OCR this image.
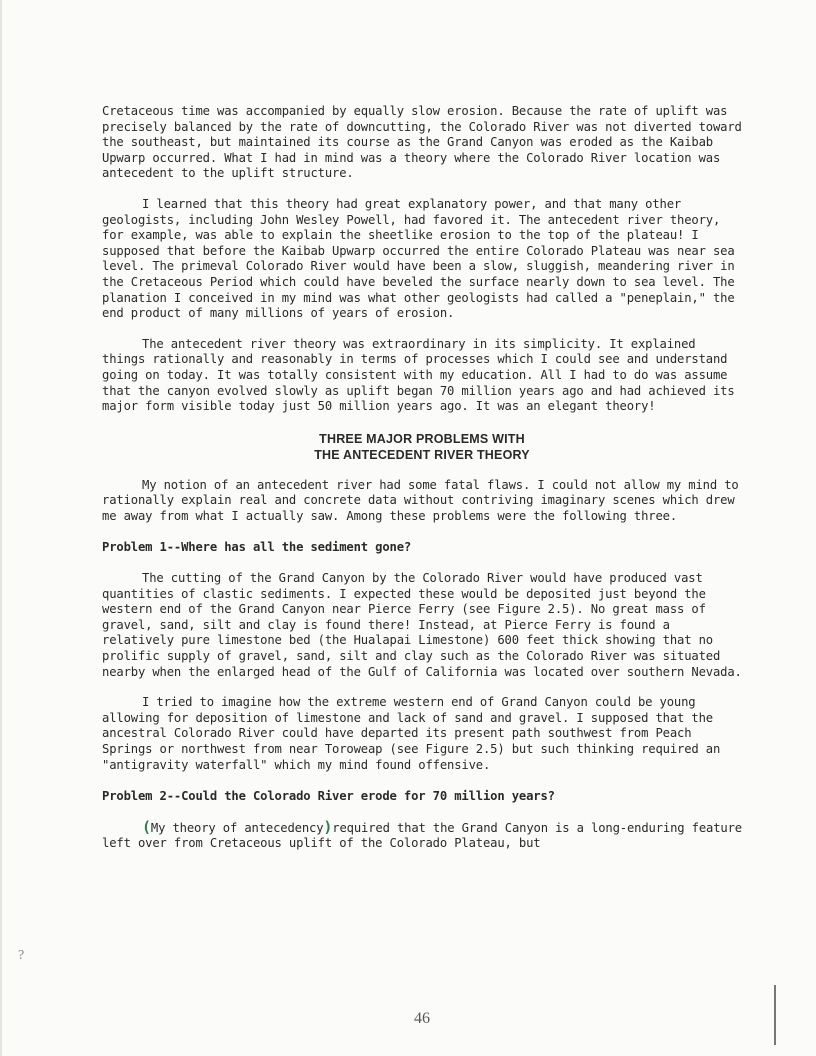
Cretaceous time was accompanied by equally slow erosion. Because the rate of uplift was precisely balanced by the rate of downcutting, the Colorado River was not diverted toward the southeast, but maintained its course as the Grand Canyon was eroded as the Kaibab Upwarp occurred. What I had in mind was a theory where the Colorado River location was antecedent to the uplift structure.

I learned that this theory had great explanatory power, and that many other geologists, including John Wesley Powell, had favored it. The antecedent river theory, for example, was able to explain the sheetlike erosion to the top of the plateau! I supposed that before the Kaibab Upwarp occurred the entire Colorado Plateau was near sea level. The primeval Colorado River would have been a slow, sluggish, meandering river in the Cretaceous Period which could have beveled the surface nearly down to sea level. The planation I conceived in my mind was what other geologists had called a "peneplain," the end product of many millions of years of erosion.

The antecedent river theory was extraordinary in its simplicity. It explained things rationally and reasonably in terms of processes which I could see and understand going on today. It was totally consistent with my education. All I had to do was assume that the canyon evolved slowly as uplift began 70 million years ago and had achieved its major form visible today just 50 million years ago. It was an elegant theory!

THREE MAJOR PROBLEMS WITH
THE ANTECEDENT RIVER THEORY

My notion of an antecedent river had some fatal flaws. I could not allow my mind to rationally explain real and concrete data without contriving imaginary scenes which drew me away from what I actually saw. Among these problems were the following three.

Problem 1--Where has all the sediment gone?

The cutting of the Grand Canyon by the Colorado River would have produced vast quantities of clastic sediments. I expected these would be deposited just beyond the western end of the Grand Canyon near Pierce Ferry (see Figure 2.5). No great mass of gravel, sand, silt and clay is found there! Instead, at Pierce Ferry is found a relatively pure limestone bed (the Hualapai Limestone) 600 feet thick showing that no prolific supply of gravel, sand, silt and clay such as the Colorado River was situated nearby when the enlarged head of the Gulf of California was located over southern Nevada.

I tried to imagine how the extreme western end of Grand Canyon could be young allowing for deposition of limestone and lack of sand and gravel. I supposed that the ancestral Colorado River could have departed its present path southwest from Peach Springs or northwest from near Toroweap (see Figure 2.5) but such thinking required an "antigravity waterfall" which my mind found offensive.

Problem 2--Could the Colorado River erode for 70 million years?

(My theory of antecedency)required that the Grand Canyon is a long-enduring feature left over from Cretaceous uplift of the Colorado Plateau, but

?
46
